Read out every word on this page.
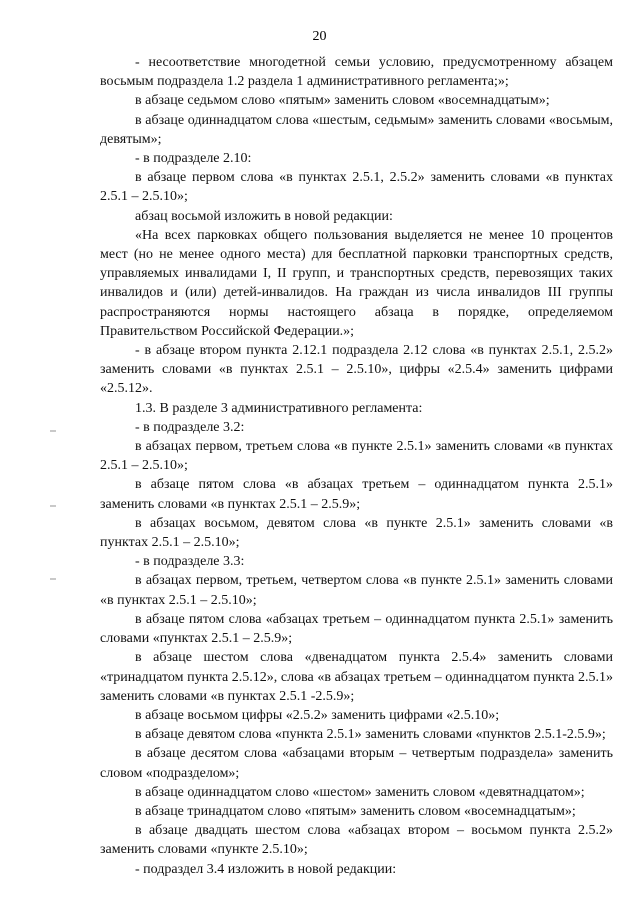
20

- несоответствие многодетной семьи условию, предусмотренному абзацем восьмым подраздела 1.2 раздела 1 административного регламента;»;

в абзаце седьмом слово «пятым» заменить словом «восемнадцатым»;

в абзаце одиннадцатом слова «шестым, седьмым» заменить словами «восьмым, девятым»;

- в подразделе 2.10:

в абзаце первом слова «в пунктах 2.5.1, 2.5.2» заменить словами «в пунктах 2.5.1 – 2.5.10»;

абзац восьмой изложить в новой редакции:

«На всех парковках общего пользования выделяется не менее 10 процентов мест (но не менее одного места) для бесплатной парковки транспортных средств, управляемых инвалидами I, II групп, и транспортных средств, перевозящих таких инвалидов и (или) детей-инвалидов. На граждан из числа инвалидов III группы распространяются нормы настоящего абзаца в порядке, определяемом Правительством Российской Федерации.»;

- в абзаце втором пункта 2.12.1 подраздела 2.12 слова «в пунктах 2.5.1, 2.5.2» заменить словами «в пунктах 2.5.1 – 2.5.10», цифры «2.5.4» заменить цифрами «2.5.12».

1.3. В разделе 3 административного регламента:

- в подразделе 3.2:

в абзацах первом, третьем слова «в пункте 2.5.1» заменить словами «в пунктах 2.5.1 – 2.5.10»;

в абзаце пятом слова «в абзацах третьем – одиннадцатом пункта 2.5.1» заменить словами «в пунктах 2.5.1 – 2.5.9»;

в абзацах восьмом, девятом слова «в пункте 2.5.1» заменить словами «в пунктах 2.5.1 – 2.5.10»;

- в подразделе 3.3:

в абзацах первом, третьем, четвертом слова «в пункте 2.5.1» заменить словами «в пунктах 2.5.1 – 2.5.10»;

в абзаце пятом слова «абзацах третьем – одиннадцатом пункта 2.5.1» заменить словами «пунктах 2.5.1 – 2.5.9»;

в абзаце шестом слова «двенадцатом пункта 2.5.4» заменить словами «тринадцатом пункта 2.5.12», слова «в абзацах третьем – одиннадцатом пункта 2.5.1» заменить словами «в пунктах 2.5.1 -2.5.9»;

в абзаце восьмом цифры «2.5.2» заменить цифрами «2.5.10»;

в абзаце девятом слова «пункта 2.5.1» заменить словами «пунктов 2.5.1-2.5.9»;

в абзаце десятом слова «абзацами вторым – четвертым подраздела» заменить словом «подразделом»;

в абзаце одиннадцатом слово «шестом» заменить словом «девятнадцатом»;

в абзаце тринадцатом слово «пятым» заменить словом «восемнадцатым»;

в абзаце двадцать шестом слова «абзацах втором – восьмом пункта 2.5.2» заменить словами «пункте 2.5.10»;

- подраздел 3.4 изложить в новой редакции:
